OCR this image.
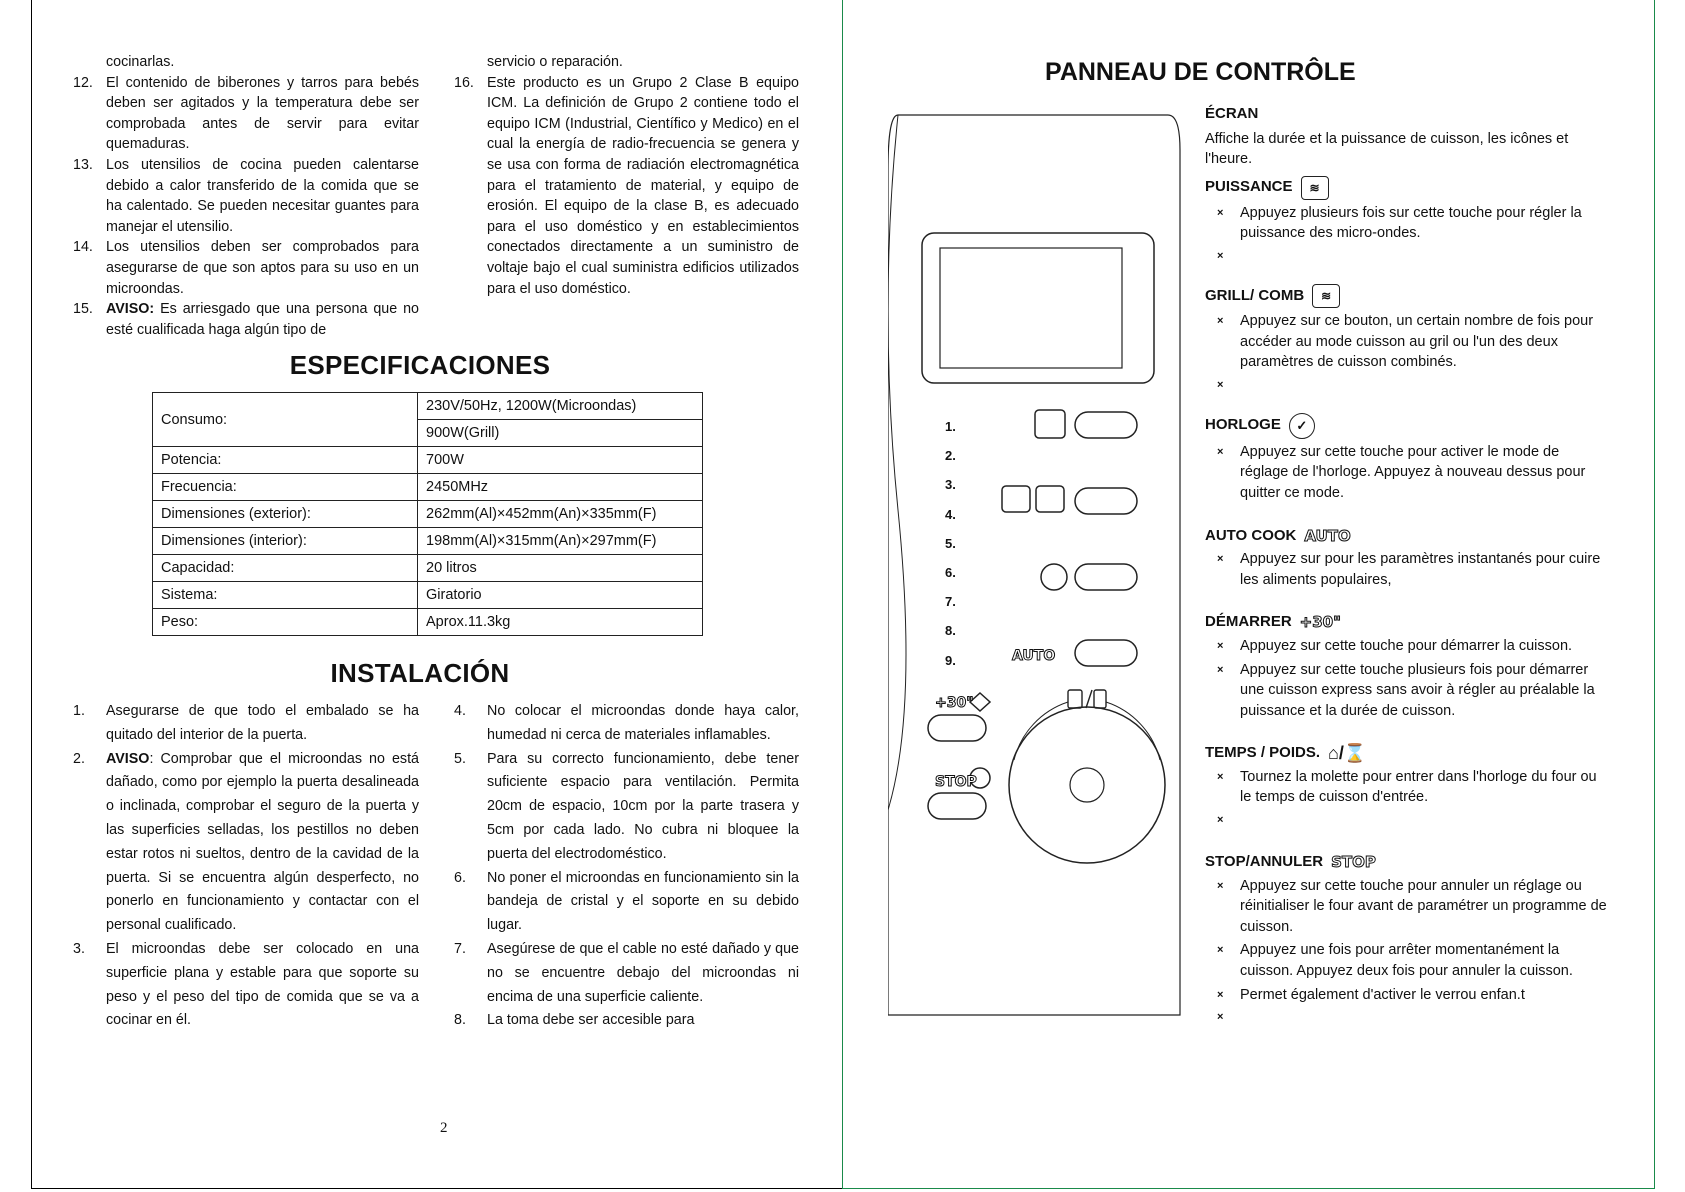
cocinarlas.
12. El contenido de biberones y tarros para bebés deben ser agitados y la temperatura debe ser comprobada antes de servir para evitar quemaduras.
13. Los utensilios de cocina pueden calentarse debido a calor transferido de la comida que se ha calentado. Se pueden necesitar guantes para manejar el utensilio.
14. Los utensilios deben ser comprobados para asegurarse de que son aptos para su uso en un microondas.
15. AVISO: Es arriesgado que una persona que no esté cualificada haga algún tipo de
servicio o reparación.
16. Este producto es un Grupo 2 Clase B equipo ICM. La definición de Grupo 2 contiene todo el equipo ICM (Industrial, Científico y Medico) en el cual la energía de radio-frecuencia se genera y se usa con forma de radiación electromagnética para el tratamiento de material, y equipo de erosión. El equipo de la clase B, es adecuado para el uso doméstico y en establecimientos conectados directamente a un suministro de voltaje bajo el cual suministra edificios utilizados para el uso doméstico.
ESPECIFICACIONES
Consumo:	230V/50Hz, 1200W(Microondas)
	900W(Grill)
Potencia:	700W
Frecuencia:	2450MHz
Dimensiones (exterior):	262mm(Al)×452mm(An)×335mm(F)
Dimensiones (interior):	198mm(Al)×315mm(An)×297mm(F)
Capacidad:	20 litros
Sistema:	Giratorio
Peso:	Aprox.11.3kg
INSTALACIÓN
1. Asegurarse de que todo el embalado se ha quitado del interior de la puerta.
2. AVISO: Comprobar que el microondas no está dañado, como por ejemplo la puerta desalineada o inclinada, comprobar el seguro de la puerta y las superficies selladas, los pestillos no deben estar rotos ni sueltos, dentro de la cavidad de la puerta. Si se encuentra algún desperfecto, no ponerlo en funcionamiento y contactar con el personal cualificado.
3. El microondas debe ser colocado en una superficie plana y estable para que soporte su peso y el peso del tipo de comida que se va a cocinar en él.
4. No colocar el microondas donde haya calor, humedad ni cerca de materiales inflamables.
5. Para su correcto funcionamiento, debe tener suficiente espacio para ventilación. Permita 20cm de espacio, 10cm por la parte trasera y 5cm por cada lado. No cubra ni bloquee la puerta del electrodoméstico.
6. No poner el microondas en funcionamiento sin la bandeja de cristal y el soporte en su debido lugar.
7. Asegúrese de que el cable no esté dañado y que no se encuentre debajo del microondas ni encima de una superficie caliente.
8. La toma debe ser accesible para
2
PANNEAU DE CONTRÔLE
1.
2.
3.
4.
5.
6.
7.
8.
9.	AUTO
+30"
STOP
ÉCRAN
Affiche la durée et la puissance de cuisson, les icônes et l'heure.
PUISSANCE	≋
× Appuyez plusieurs fois sur cette touche pour régler la puissance des micro-ondes.
×
GRILL/ COMB	≋
× Appuyez sur ce bouton, un certain nombre de fois pour accéder au mode cuisson au gril ou l'un des deux paramètres de cuisson combinés.
×
HORLOGE	✓
× Appuyez sur cette touche pour activer le mode de réglage de l'horloge. Appuyez à nouveau dessus pour quitter ce mode.
AUTO COOK AUTO
× Appuyez sur pour les paramètres instantanés pour cuire les aliments populaires,
DÉMARRER +30"
× Appuyez sur cette touche pour démarrer la cuisson.
× Appuyez sur cette touche plusieurs fois pour démarrer une cuisson express sans avoir à régler au préalable la puissance et la durée de cuisson.
TEMPS / POIDS. ⌂/⌛
× Tournez la molette pour entrer dans l'horloge du four ou le temps de cuisson d'entrée.
×
STOP/ANNULER STOP
× Appuyez sur cette touche pour annuler un réglage ou réinitialiser le four avant de paramétrer un programme de cuisson.
× Appuyez une fois pour arrêter momentanément la cuisson. Appuyez deux fois pour annuler la cuisson.
× Permet également d'activer le verrou enfan.t
×
